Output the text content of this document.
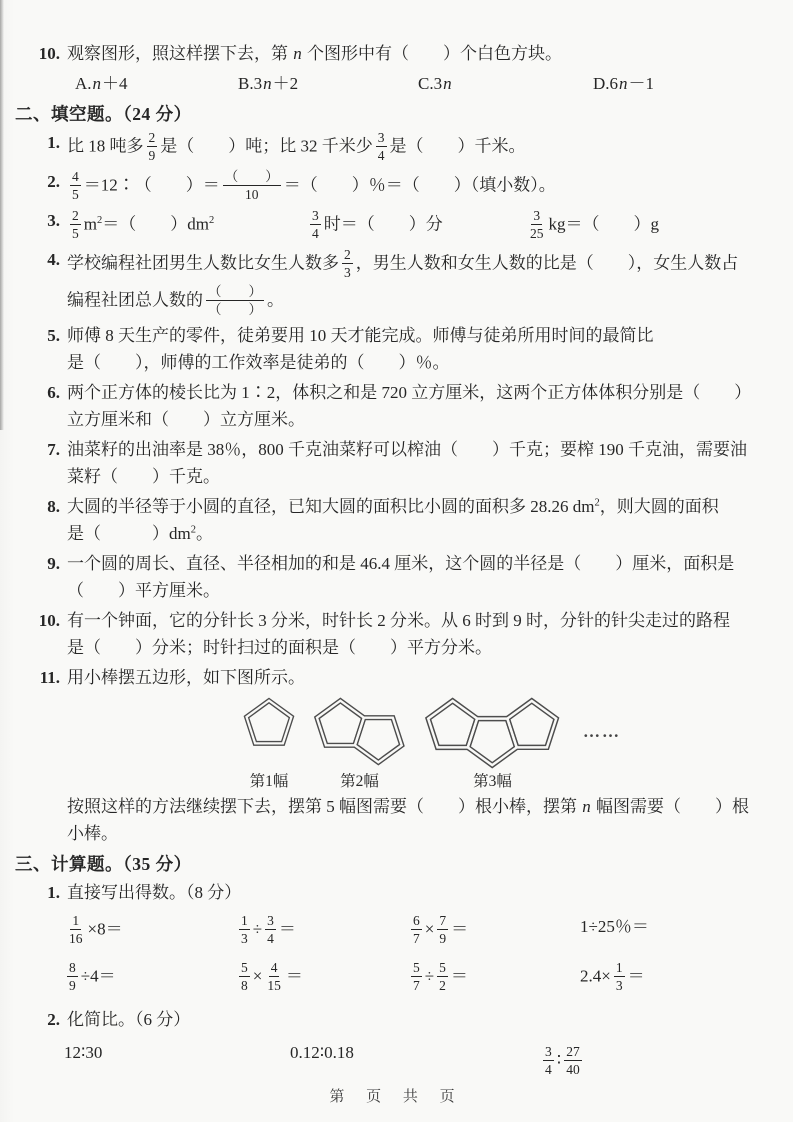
10. 观察图形，照这样摆下去，第 n 个图形中有（　　）个白色方块。
A.n＋4	B.3n＋2	C.3n	D.6n－1
二、填空题。（24 分）
1. 比 18 吨多 $\frac{2}{9}$ 是（　　）吨；比 32 千米少 $\frac{3}{4}$ 是（　　）千米。
2. $\frac{4}{5}$ ＝12∶（　　）＝ $\frac{( )}{10}$ ＝（　　）％＝（　　）（填小数）。
3. $\frac{2}{5} m^2=$（　　）$dm^2$	$\frac{3}{4}$ 时＝（　　）分	$\frac{3}{25} kg=$（　　）g
4. 学校编程社团男生人数比女生人数多 $\frac{2}{3}$ ，男生人数和女生人数的比是（　　），女生人数占
编程社团总人数的 $\frac{( )}{( )}$ 。
5. 师傅 8 天生产的零件，徒弟要用 10 天才能完成。师傅与徒弟所用时间的最简比
是（　　），师傅的工作效率是徒弟的（　　）％。
6. 两个正方体的棱长比为 1∶2，体积之和是 720 立方厘米，这两个正方体体积分别是（　　）
立方厘米和（　　）立方厘米。
7. 油菜籽的出油率是 38％，800 千克油菜籽可以榨油（　　）千克；要榨 190 千克油，需要油
菜籽（　　）千克。
8. 大圆的半径等于小圆的直径，已知大圆的面积比小圆的面积多 28.26 $dm^2$，则大圆的面积
是（　　　）$dm^2$。
9. 一个圆的周长、直径、半径相加的和是 46.4 厘米，这个圆的半径是（　　）厘米，面积是
（　　）平方厘米。
10. 有一个钟面，它的分针长 3 分米，时针长 2 分米。从 6 时到 9 时，分针的针尖走过的路程
是（　　）分米；时针扫过的面积是（　　）平方分米。
11. 用小棒摆五边形，如下图所示。
第1幅	第2幅	第3幅
……
按照这样的方法继续摆下去，摆第 5 幅图需要（　　）根小棒，摆第 n 幅图需要（　　）根
小棒。
三、计算题。（35 分）
1. 直接写出得数。（8 分）
$\frac{1}{16} \times 8=$	$\frac{1}{3} \div \frac{3}{4}$ ＝	$\frac{6}{7} \times \frac{7}{9}$ ＝	1÷25％＝
$\frac{8}{9} \div 4=$	$\frac{5}{8} \times \frac{4}{15}$ ＝	$\frac{5}{7} \div \frac{5}{2}$ ＝	$2.4\times \frac{1}{3}$ ＝
2. 化简比。（6 分）
12∶30	0.12∶0.18	$\frac{3}{4}$ ∶ $\frac{27}{40}$
第 页 共 页
